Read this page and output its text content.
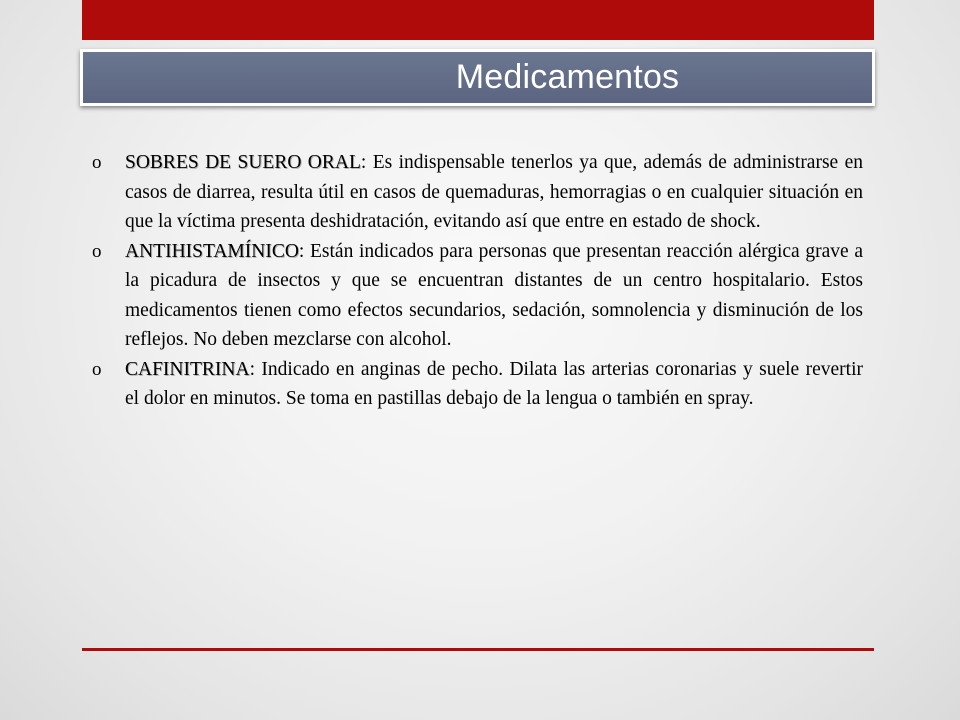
Medicamentos
o	SOBRES DE SUERO ORAL: Es indispensable tenerlos ya que, además de administrarse en casos de diarrea, resulta útil en casos de quemaduras, hemorragias o en cualquier situación en que la víctima presenta deshidratación, evitando así que entre en estado de shock.
o	ANTIHISTAMÍNICO: Están indicados para personas que presentan reacción alérgica grave a la picadura de insectos y que se encuentran distantes de un centro hospitalario. Estos medicamentos tienen como efectos secundarios, sedación, somnolencia y disminución de los reflejos. No deben mezclarse con alcohol.
o	CAFINITRINA: Indicado en anginas de pecho. Dilata las arterias coronarias y suele revertir el dolor en minutos. Se toma en pastillas debajo de la lengua o también en spray.
